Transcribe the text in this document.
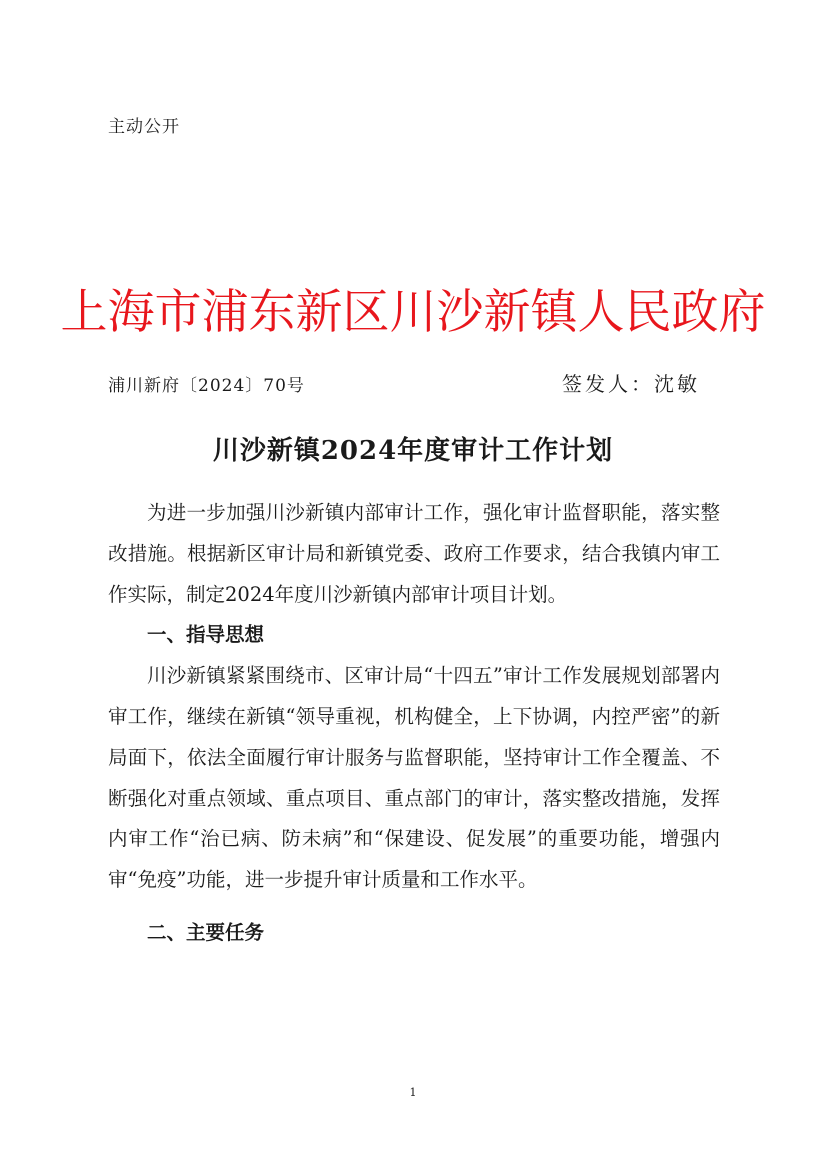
主动公开
上海市浦东新区川沙新镇人民政府
浦川新府〔2024〕70号	签发人：沈敏
川沙新镇2024年度审计工作计划

为进一步加强川沙新镇内部审计工作，强化审计监督职能，落实整改措施。根据新区审计局和新镇党委、政府工作要求，结合我镇内审工作实际，制定2024年度川沙新镇内部审计项目计划。

一、指导思想

川沙新镇紧紧围绕市、区审计局“十四五”审计工作发展规划部署内审工作，继续在新镇“领导重视，机构健全，上下协调，内控严密”的新局面下，依法全面履行审计服务与监督职能，坚持审计工作全覆盖、不断强化对重点领域、重点项目、重点部门的审计，落实整改措施，发挥内审工作“治已病、防未病”和“保建设、促发展”的重要功能，增强内审“免疫”功能，进一步提升审计质量和工作水平。

二、主要任务
1
